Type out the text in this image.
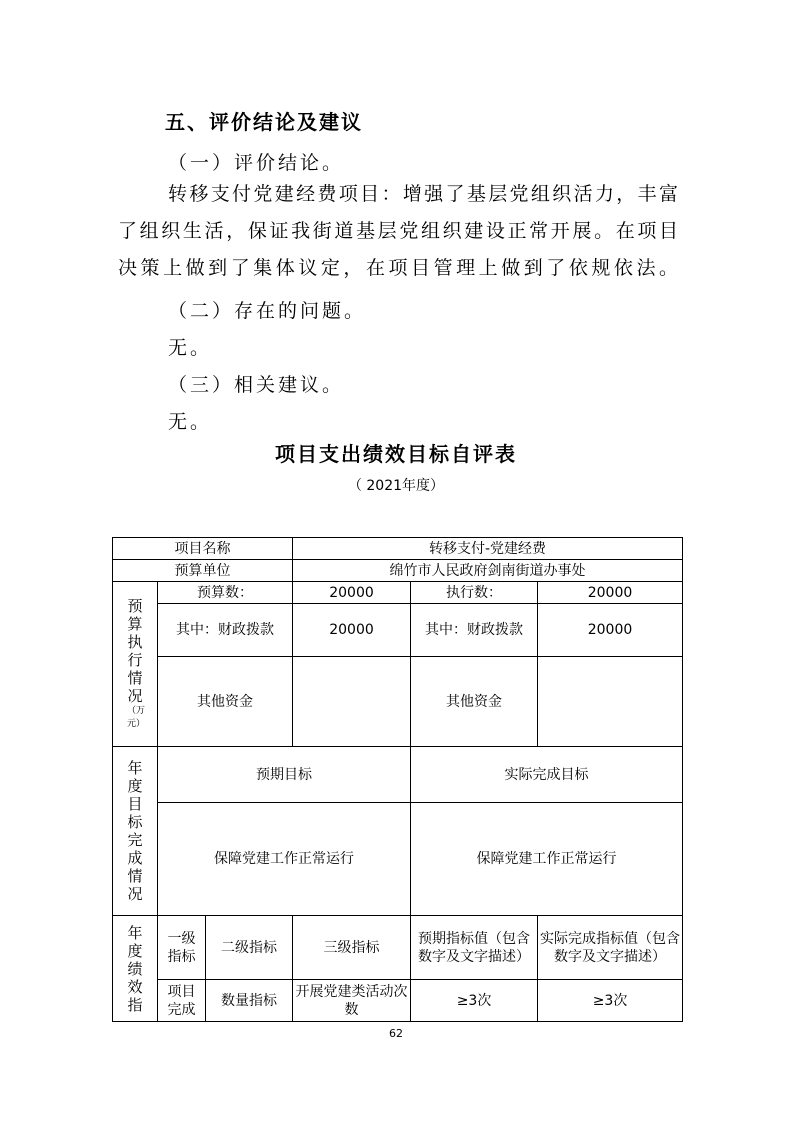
五、评价结论及建议
（一）评价结论。
转移支付党建经费项目：增强了基层党组织活力，丰富
了组织生活，保证我街道基层党组织建设正常开展。在项目
决策上做到了集体议定，在项目管理上做到了依规依法。
（二）存在的问题。
无。
（三）相关建议。
无。
项目支出绩效目标自评表
（ 2021年度）
项目名称			转移支付-党建经费		
预算单位			绵竹市人民政府剑南街道办事处		
预算执行情况
（万元）	预算数：		20000	执行数：	20000
	其中：财政拨款		20000	其中：财政拨款	20000
	其他资金			其他资金	
年度目标完成情况	预期目标			实际完成目标	
	保障党建工作正常运行			保障党建工作正常运行	
年度绩效指	一级指标	二级指标	三级指标	预期指标值（包含数字及文字描述）	实际完成指标值（包含数字及文字描述）
	项目完成	数量指标	开展党建类活动次数	≥3次	≥3次
62
